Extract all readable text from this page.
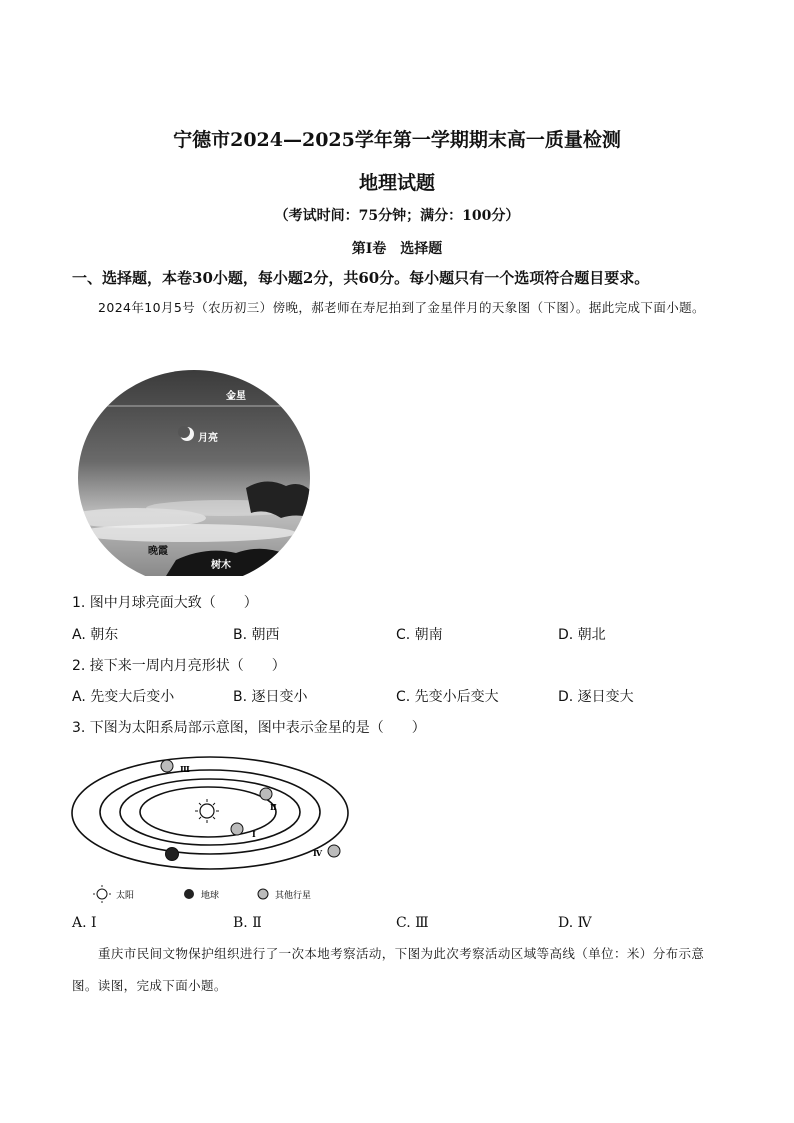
宁德市2024—2025学年第一学期期末高一质量检测
地理试题
（考试时间：75分钟；满分：100分）
第Ⅰ卷　选择题
一、选择题，本卷30小题，每小题2分，共60分。每小题只有一个选项符合题目要求。
2024年10月5号（农历初三）傍晚，郝老师在寿尼拍到了金星伴月的天象图（下图）。据此完成下面小题。
金星
月亮
晚霞
树木
1. 图中月球亮面大致（　　）
A. 朝东	B. 朝西	C. 朝南	D. 朝北
2. 接下来一周内月亮形状（　　）
A. 先变大后变小	B. 逐日变小	C. 先变小后变大	D. 逐日变大
3. 下图为太阳系局部示意图，图中表示金星的是（　　）
Ⅲ
Ⅱ
Ⅰ
Ⅳ
太阳	地球	其他行星
A. Ⅰ	B. Ⅱ	C. Ⅲ	D. Ⅳ
重庆市民间文物保护组织进行了一次本地考察活动，下图为此次考察活动区域等高线（单位：米）分布示意图。读图，完成下面小题。
